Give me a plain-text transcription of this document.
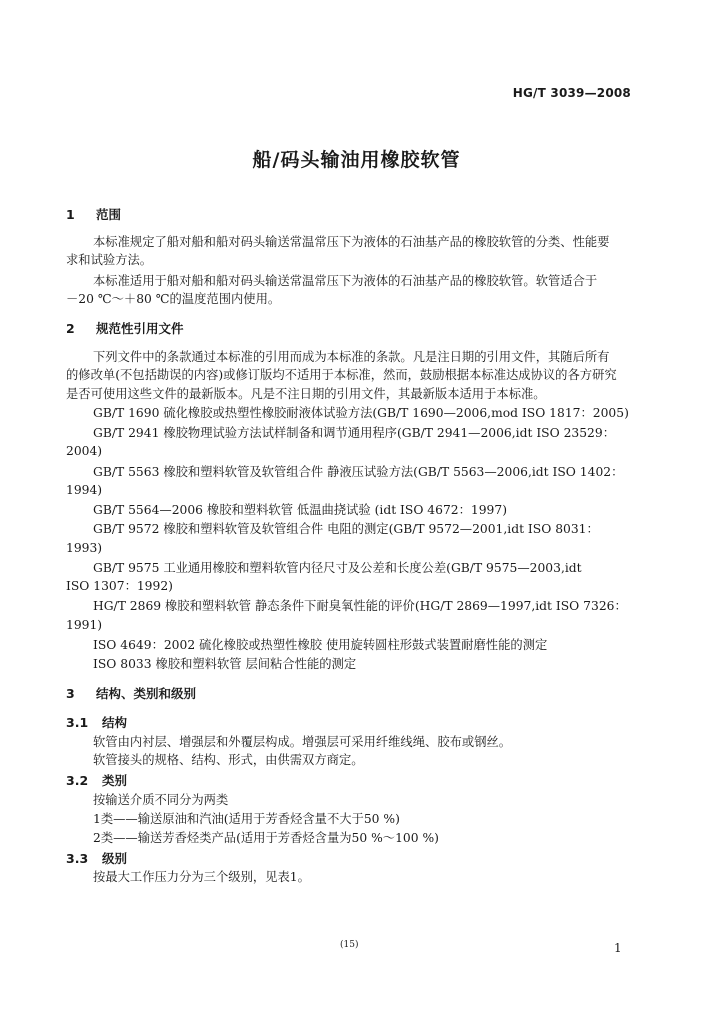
HG/T 3039—2008
船/码头输油用橡胶软管
1 范围
本标准规定了船对船和船对码头输送常温常压下为液体的石油基产品的橡胶软管的分类、性能要
求和试验方法。
本标准适用于船对船和船对码头输送常温常压下为液体的石油基产品的橡胶软管。软管适合于
－20 ℃～＋80 ℃的温度范围内使用。
2 规范性引用文件
下列文件中的条款通过本标准的引用而成为本标准的条款。凡是注日期的引用文件，其随后所有
的修改单(不包括勘误的内容)或修订版均不适用于本标准，然而，鼓励根据本标准达成协议的各方研究
是否可使用这些文件的最新版本。凡是不注日期的引用文件，其最新版本适用于本标准。
GB/T 1690 硫化橡胶或热塑性橡胶耐液体试验方法(GB/T 1690—2006,mod ISO 1817：2005)
GB/T 2941 橡胶物理试验方法试样制备和调节通用程序(GB/T 2941—2006,idt ISO 23529：
2004)
GB/T 5563 橡胶和塑料软管及软管组合件 静液压试验方法(GB/T 5563—2006,idt ISO 1402：
1994)
GB/T 5564—2006 橡胶和塑料软管 低温曲挠试验 (idt ISO 4672：1997)
GB/T 9572 橡胶和塑料软管及软管组合件 电阻的测定(GB/T 9572—2001,idt ISO 8031：
1993)
GB/T 9575 工业通用橡胶和塑料软管内径尺寸及公差和长度公差(GB/T 9575—2003,idt
ISO 1307：1992)
HG/T 2869 橡胶和塑料软管 静态条件下耐臭氧性能的评价(HG/T 2869—1997,idt ISO 7326：
1991)
ISO 4649：2002 硫化橡胶或热塑性橡胶 使用旋转圆柱形鼓式装置耐磨性能的测定
ISO 8033 橡胶和塑料软管 层间粘合性能的测定
3 结构、类别和级别
3.1 结构
软管由内衬层、增强层和外覆层构成。增强层可采用纤维线绳、胶布或钢丝。
软管接头的规格、结构、形式，由供需双方商定。
3.2 类别
按输送介质不同分为两类
1类——输送原油和汽油(适用于芳香烃含量不大于50 %)
2类——输送芳香烃类产品(适用于芳香烃含量为50 %～100 %)
3.3 级别
按最大工作压力分为三个级别，见表1。
(15)	1
